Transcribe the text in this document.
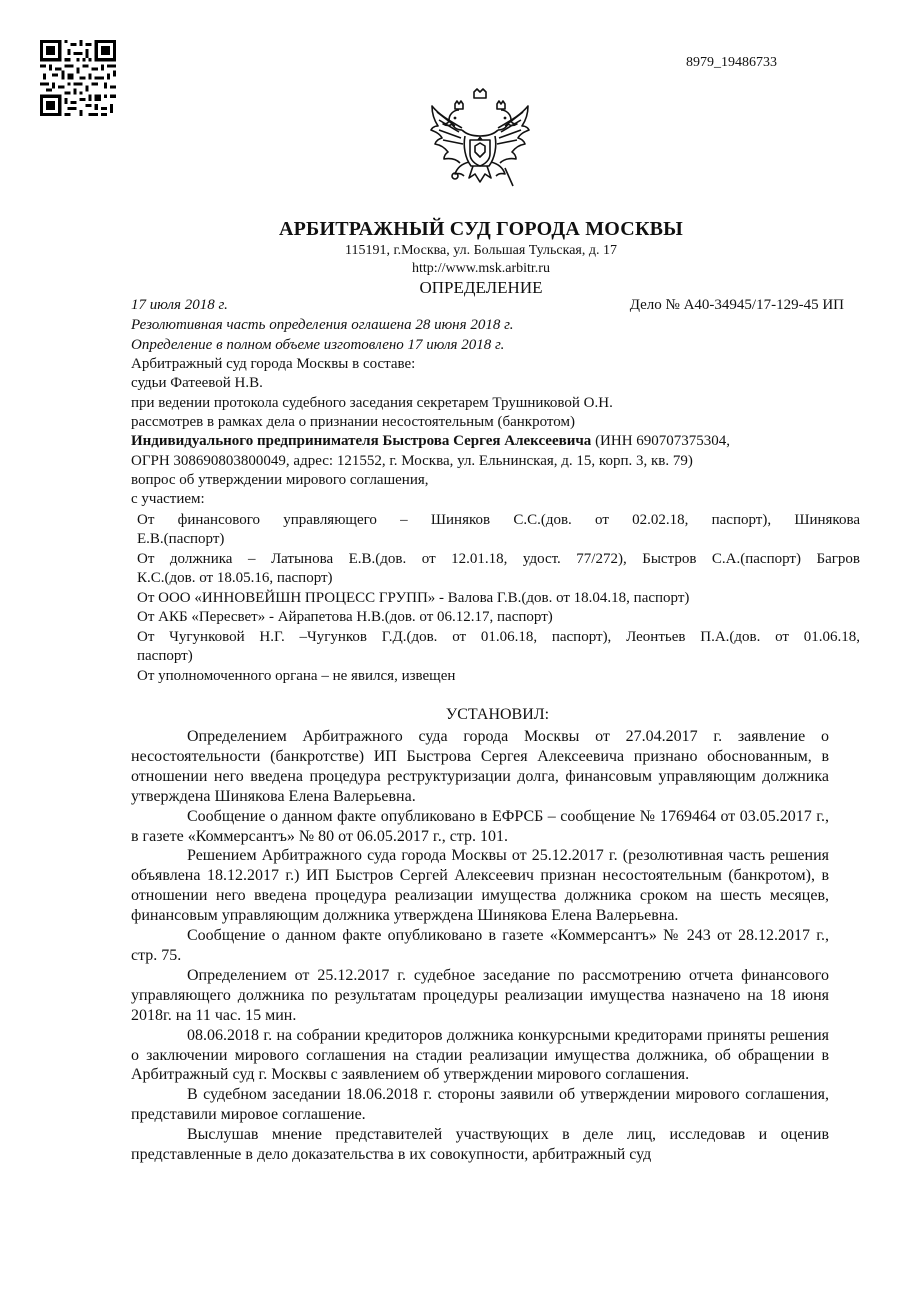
8979_19486733
АРБИТРАЖНЫЙ СУД ГОРОДА МОСКВЫ
115191, г.Москва, ул. Большая Тульская, д. 17
http://www.msk.arbitr.ru
ОПРЕДЕЛЕНИЕ
17 июля 2018 г.	Дело № А40-34945/17-129-45 ИП
Резолютивная часть определения оглашена 28 июня 2018 г.
Определение в полном объеме изготовлено 17 июля 2018 г.
Арбитражный суд города Москвы в составе:
судьи Фатеевой Н.В.
при ведении протокола судебного заседания секретарем Трушниковой О.Н.
рассмотрев в рамках дела о признании несостоятельным (банкротом)
Индивидуального предпринимателя Быстрова Сергея Алексеевича (ИНН 690707375304,
ОГРН 308690803800049, адрес: 121552, г. Москва, ул. Ельнинская, д. 15, корп. 3, кв. 79)
вопрос об утверждении мирового соглашения,
с участием:
От финансового управляющего – Шиняков С.С.(дов. от 02.02.18, паспорт), Шинякова
Е.В.(паспорт)
От должника – Латынова Е.В.(дов. от 12.01.18, удост. 77/272), Быстров С.А.(паспорт) Багров
К.С.(дов. от 18.05.16, паспорт)
От ООО «ИННОВЕЙШН ПРОЦЕСС ГРУПП» - Валова Г.В.(дов. от 18.04.18, паспорт)
От АКБ «Пересвет» - Айрапетова Н.В.(дов. от 06.12.17, паспорт)
От Чугунковой Н.Г. –Чугунков Г.Д.(дов. от 01.06.18, паспорт), Леонтьев П.А.(дов. от 01.06.18,
паспорт)
От уполномоченного органа – не явился, извещен
УСТАНОВИЛ:

Определением Арбитражного суда города Москвы от 27.04.2017 г. заявление о несостоятельности (банкротстве) ИП Быстрова Сергея Алексеевича признано обоснованным, в отношении него введена процедура реструктуризации долга, финансовым управляющим должника утверждена Шинякова Елена Валерьевна.

Сообщение о данном факте опубликовано в ЕФРСБ – сообщение № 1769464 от 03.05.2017 г., в газете «Коммерсантъ» № 80 от 06.05.2017 г., стр. 101.

Решением Арбитражного суда города Москвы от 25.12.2017 г. (резолютивная часть решения объявлена 18.12.2017 г.) ИП Быстров Сергей Алексеевич признан несостоятельным (банкротом), в отношении него введена процедура реализации имущества должника сроком на шесть месяцев, финансовым управляющим должника утверждена Шинякова Елена Валерьевна.

Сообщение о данном факте опубликовано в газете «Коммерсантъ» № 243 от 28.12.2017 г., стр. 75.

Определением от 25.12.2017 г. судебное заседание по рассмотрению отчета финансового управляющего должника по результатам процедуры реализации имущества назначено на 18 июня 2018г. на 11 час. 15 мин.

08.06.2018 г. на собрании кредиторов должника конкурсными кредиторами приняты решения о заключении мирового соглашения на стадии реализации имущества должника, об обращении в Арбитражный суд г. Москвы с заявлением об утверждении мирового соглашения.

В судебном заседании 18.06.2018 г. стороны заявили об утверждении мирового соглашения, представили мировое соглашение.

Выслушав мнение представителей участвующих в деле лиц, исследовав и оценив представленные в дело доказательства в их совокупности, арбитражный суд
